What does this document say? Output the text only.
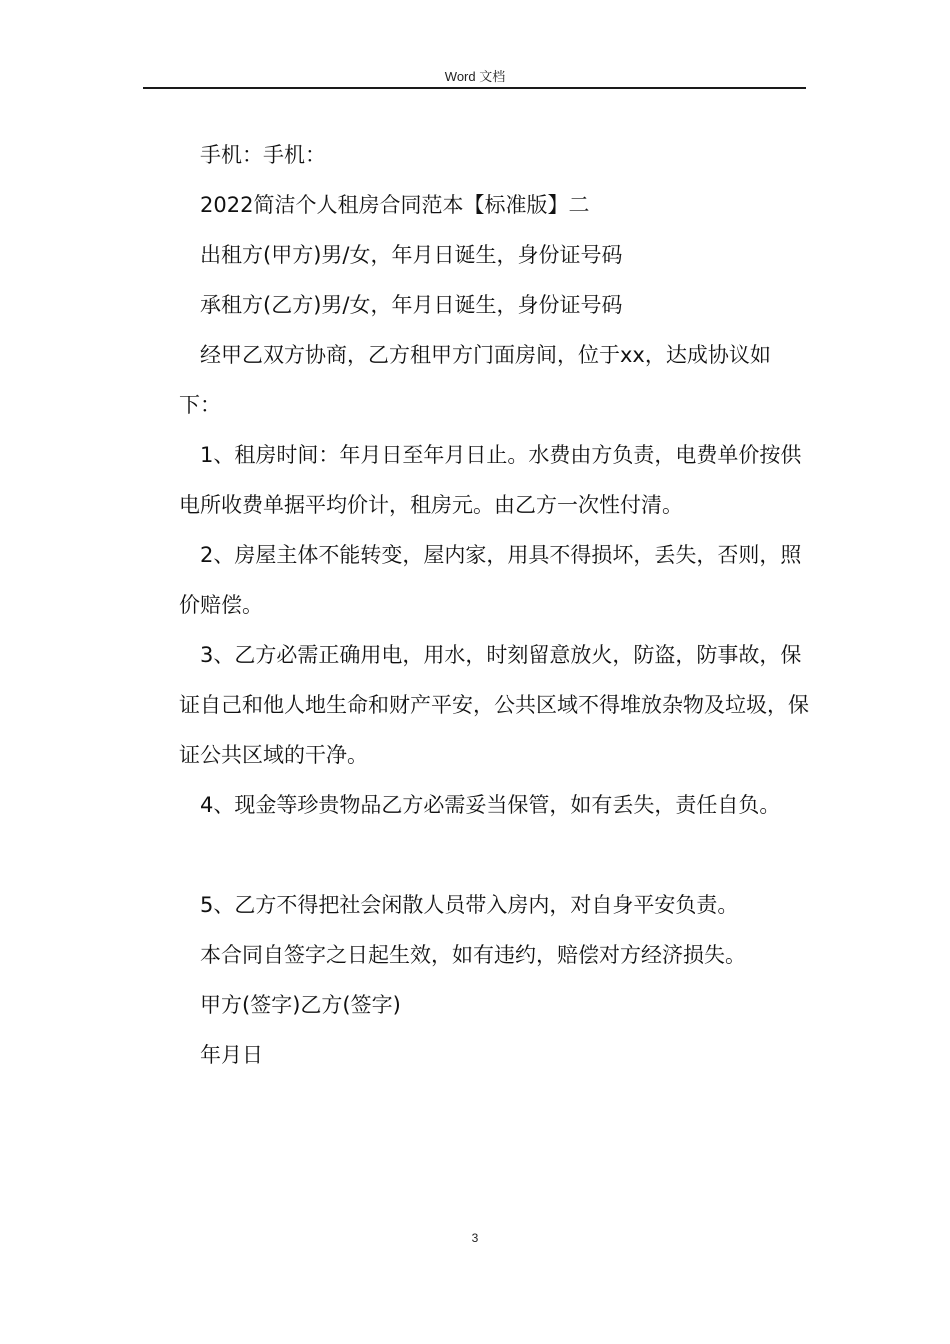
Word 文档

手机：手机：

2022简洁个人租房合同范本【标准版】二

出租方(甲方)男/女，年月日诞生，身份证号码

承租方(乙方)男/女，年月日诞生，身份证号码

经甲乙双方协商，乙方租甲方门面房间，位于xx，达成协议如下：

1、租房时间：年月日至年月日止。水费由方负责，电费单价按供电所收费单据平均价计，租房元。由乙方一次性付清。

2、房屋主体不能转变，屋内家，用具不得损坏，丢失，否则，照价赔偿。

3、乙方必需正确用电，用水，时刻留意放火，防盗，防事故，保证自己和他人地生命和财产平安，公共区域不得堆放杂物及垃圾，保证公共区域的干净。

4、现金等珍贵物品乙方必需妥当保管，如有丢失，责任自负。

5、乙方不得把社会闲散人员带入房内，对自身平安负责。

本合同自签字之日起生效，如有违约，赔偿对方经济损失。

甲方(签字)乙方(签字)

年月日

3
